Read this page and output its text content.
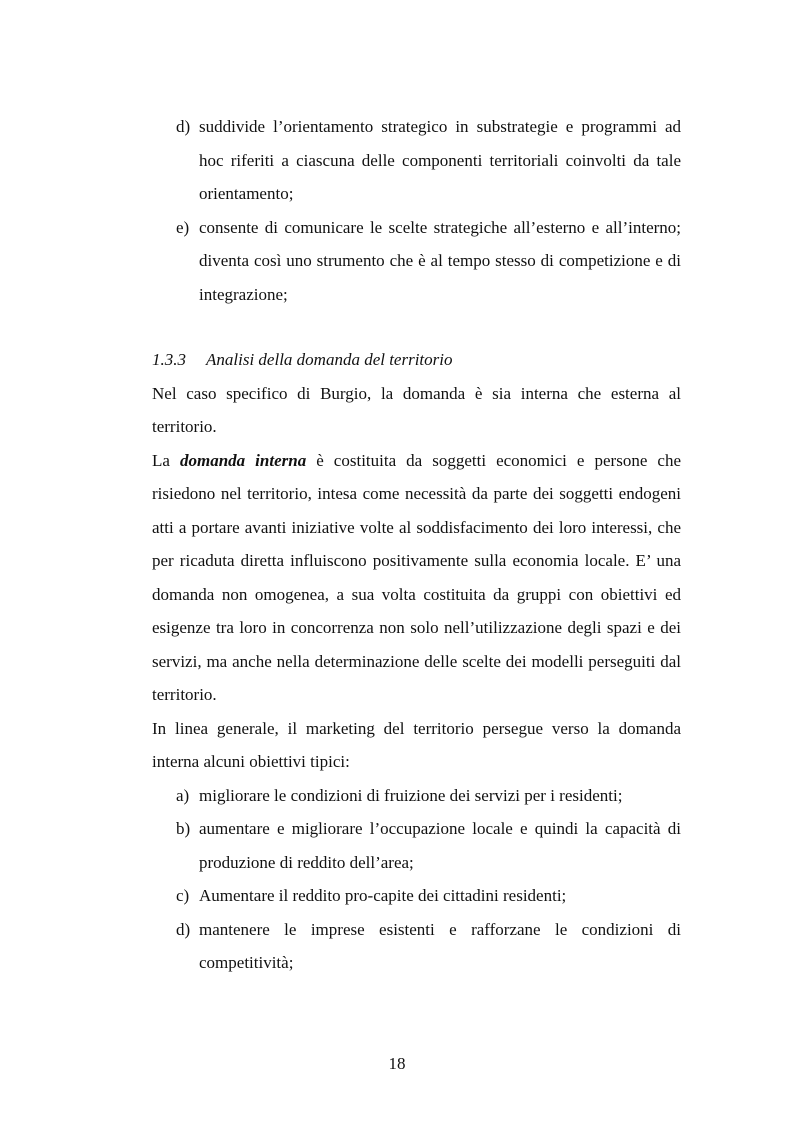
d) suddivide l’orientamento strategico in substrategie e programmi ad hoc riferiti a ciascuna delle componenti territoriali coinvolti da tale orientamento;
e) consente di comunicare le scelte strategiche all’esterno e all’interno; diventa così uno strumento che è al tempo stesso di competizione e di integrazione;

1.3.3 Analisi della domanda del territorio

Nel caso specifico di Burgio, la domanda è sia interna che esterna al territorio.

La domanda interna è costituita da soggetti economici e persone che risiedono nel territorio, intesa come necessità da parte dei soggetti endogeni atti a portare avanti iniziative volte al soddisfacimento dei loro interessi, che per ricaduta diretta influiscono positivamente sulla economia locale. E’ una domanda non omogenea, a sua volta costituita da gruppi con obiettivi ed esigenze tra loro in concorrenza non solo nell’utilizzazione degli spazi e dei servizi, ma anche nella determinazione delle scelte dei modelli perseguiti dal territorio.

In linea generale, il marketing del territorio persegue verso la domanda interna alcuni obiettivi tipici:

a) migliorare le condizioni di fruizione dei servizi per i residenti;
b) aumentare e migliorare l’occupazione locale e quindi la capacità di produzione di reddito dell’area;
c) Aumentare il reddito pro-capite dei cittadini residenti;
d) mantenere le imprese esistenti e rafforzane le condizioni di competitività;
18
